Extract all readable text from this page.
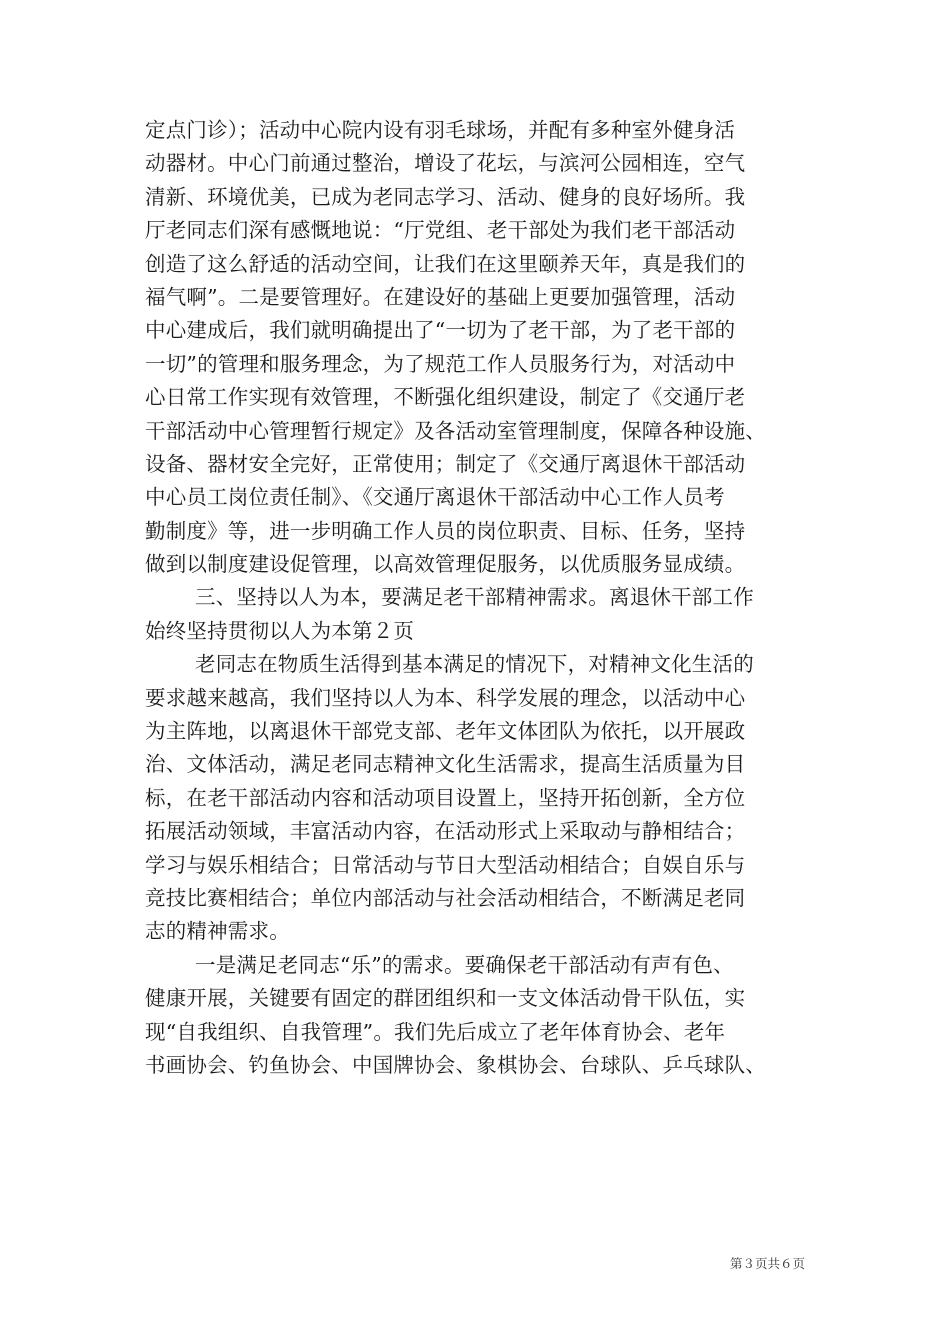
定点门诊）；活动中心院内设有羽毛球场，并配有多种室外健身活
动器材。中心门前通过整治，增设了花坛，与滨河公园相连，空气
清新、环境优美，已成为老同志学习、活动、健身的良好场所。我
厅老同志们深有感慨地说：“厅党组、老干部处为我们老干部活动
创造了这么舒适的活动空间，让我们在这里颐养天年，真是我们的
福气啊”。二是要管理好。在建设好的基础上更要加强管理，活动
中心建成后，我们就明确提出了“一切为了老干部，为了老干部的
一切”的管理和服务理念，为了规范工作人员服务行为，对活动中
心日常工作实现有效管理，不断强化组织建设，制定了《交通厅老
干部活动中心管理暂行规定》及各活动室管理制度，保障各种设施、
设备、器材安全完好，正常使用；制定了《交通厅离退休干部活动
中心员工岗位责任制》、《交通厅离退休干部活动中心工作人员考
勤制度》等，进一步明确工作人员的岗位职责、目标、任务，坚持
做到以制度建设促管理，以高效管理促服务，以优质服务显成绩。
三、坚持以人为本，要满足老干部精神需求。离退休干部工作
始终坚持贯彻以人为本第２页
老同志在物质生活得到基本满足的情况下，对精神文化生活的
要求越来越高，我们坚持以人为本、科学发展的理念，以活动中心
为主阵地，以离退休干部党支部、老年文体团队为依托，以开展政
治、文体活动，满足老同志精神文化生活需求，提高生活质量为目
标，在老干部活动内容和活动项目设置上，坚持开拓创新，全方位
拓展活动领域，丰富活动内容，在活动形式上采取动与静相结合；
学习与娱乐相结合；日常活动与节日大型活动相结合；自娱自乐与
竞技比赛相结合；单位内部活动与社会活动相结合，不断满足老同
志的精神需求。
一是满足老同志“乐”的需求。要确保老干部活动有声有色、
健康开展，关键要有固定的群团组织和一支文体活动骨干队伍，实
现“自我组织、自我管理”。我们先后成立了老年体育协会、老年
书画协会、钓鱼协会、中国牌协会、象棋协会、台球队、乒乓球队、
第３页共６页
